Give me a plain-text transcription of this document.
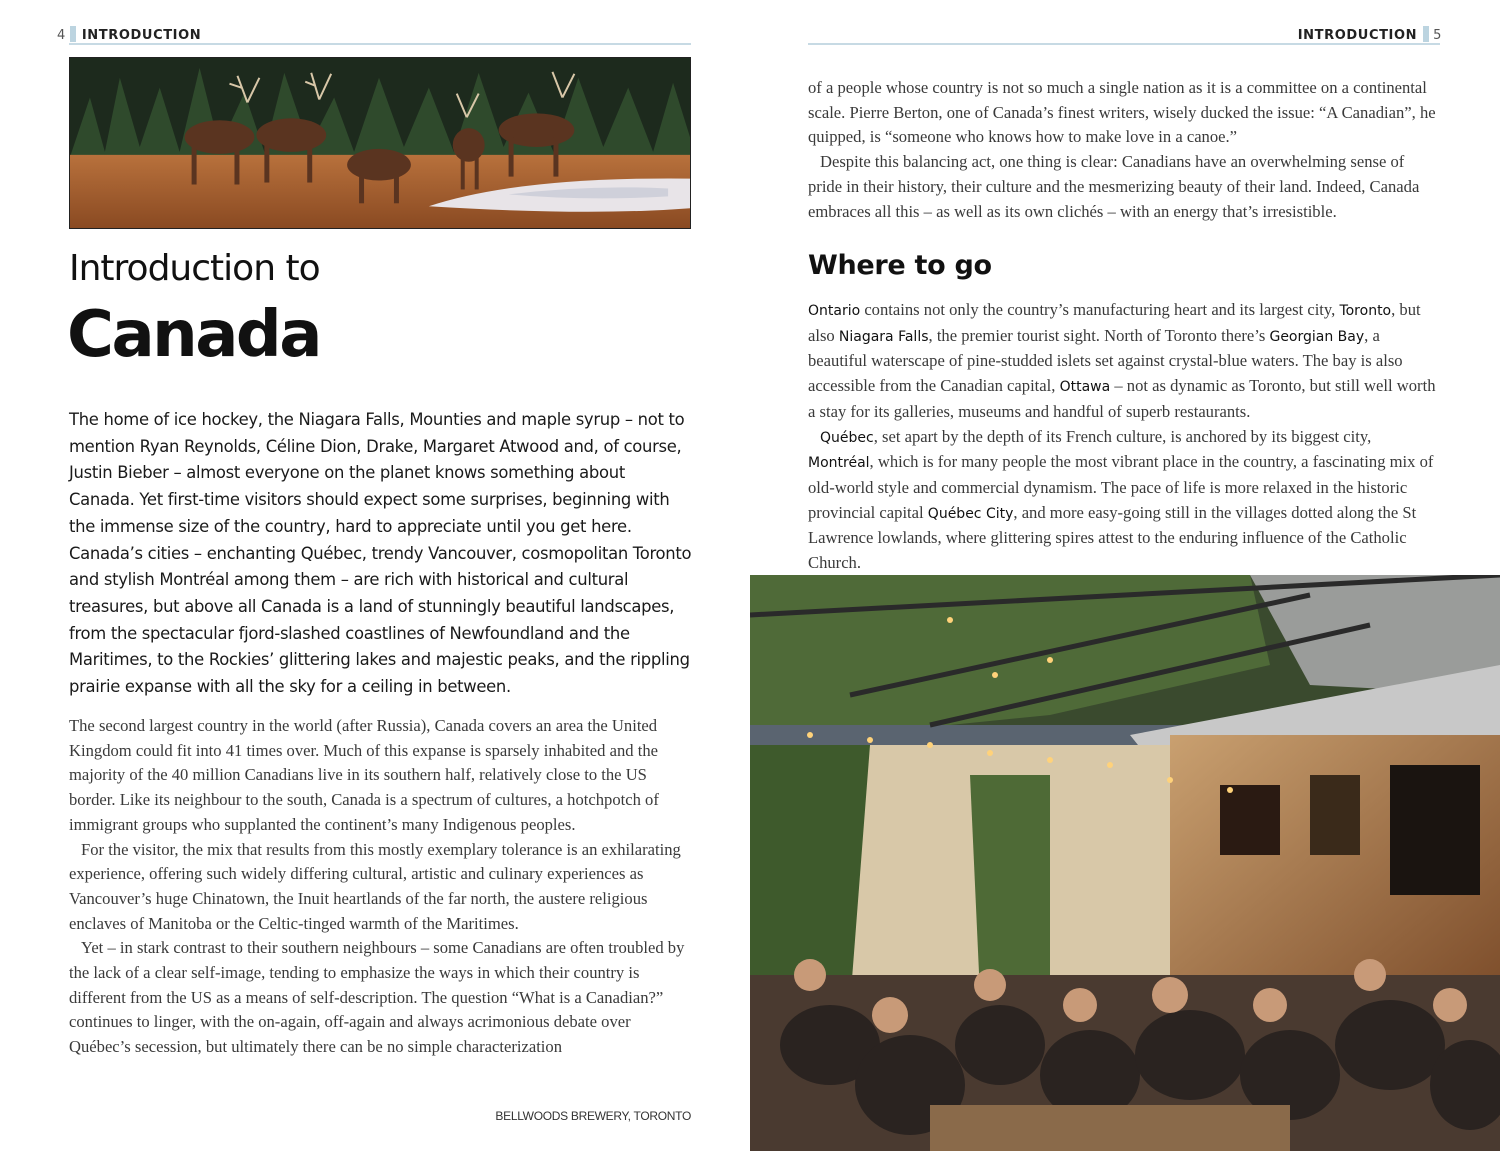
4 INTRODUCTION
Introduction to
Canada

The home of ice hockey, the Niagara Falls, Mounties and maple syrup – not to mention Ryan Reynolds, Céline Dion, Drake, Margaret Atwood and, of course, Justin Bieber – almost everyone on the planet knows something about Canada. Yet first-time visitors should expect some surprises, beginning with the immense size of the country, hard to appreciate until you get here. Canada’s cities – enchanting Québec, trendy Vancouver, cosmopolitan Toronto and stylish Montréal among them – are rich with historical and cultural treasures, but above all Canada is a land of stunningly beautiful landscapes, from the spectacular fjord-slashed coastlines of Newfoundland and the Maritimes, to the Rockies’ glittering lakes and majestic peaks, and the rippling prairie expanse with all the sky for a ceiling in between.

The second largest country in the world (after Russia), Canada covers an area the United Kingdom could fit into 41 times over. Much of this expanse is sparsely inhabited and the majority of the 40 million Canadians live in its southern half, relatively close to the US border. Like its neighbour to the south, Canada is a spectrum of cultures, a hotchpotch of immigrant groups who supplanted the continent’s many Indigenous peoples.

For the visitor, the mix that results from this mostly exemplary tolerance is an exhilarating experience, offering such widely differing cultural, artistic and culinary experiences as Vancouver’s huge Chinatown, the Inuit heartlands of the far north, the austere religious enclaves of Manitoba or the Celtic-tinged warmth of the Maritimes.

Yet – in stark contrast to their southern neighbours – some Canadians are often troubled by the lack of a clear self-image, tending to emphasize the ways in which their country is different from the US as a means of self-description. The question “What is a Canadian?” continues to linger, with the on-again, off-again and always acrimonious debate over Québec’s secession, but ultimately there can be no simple characterization

BELLWOODS BREWERY, TORONTO
INTRODUCTION 5

of a people whose country is not so much a single nation as it is a committee on a continental scale. Pierre Berton, one of Canada’s finest writers, wisely ducked the issue: “A Canadian”, he quipped, is “someone who knows how to make love in a canoe.”

Despite this balancing act, one thing is clear: Canadians have an overwhelming sense of pride in their history, their culture and the mesmerizing beauty of their land. Indeed, Canada embraces all this – as well as its own clichés – with an energy that’s irresistible.

Where to go

Ontario contains not only the country’s manufacturing heart and its largest city, Toronto, but also Niagara Falls, the premier tourist sight. North of Toronto there’s Georgian Bay, a beautiful waterscape of pine-studded islets set against crystal-blue waters. The bay is also accessible from the Canadian capital, Ottawa – not as dynamic as Toronto, but still well worth a stay for its galleries, museums and handful of superb restaurants.

Québec, set apart by the depth of its French culture, is anchored by its biggest city, Montréal, which is for many people the most vibrant place in the country, a fascinating mix of old-world style and commercial dynamism. The pace of life is more relaxed in the historic provincial capital Québec City, and more easy-going still in the villages dotted along the St Lawrence lowlands, where glittering spires attest to the enduring influence of the Catholic Church.
